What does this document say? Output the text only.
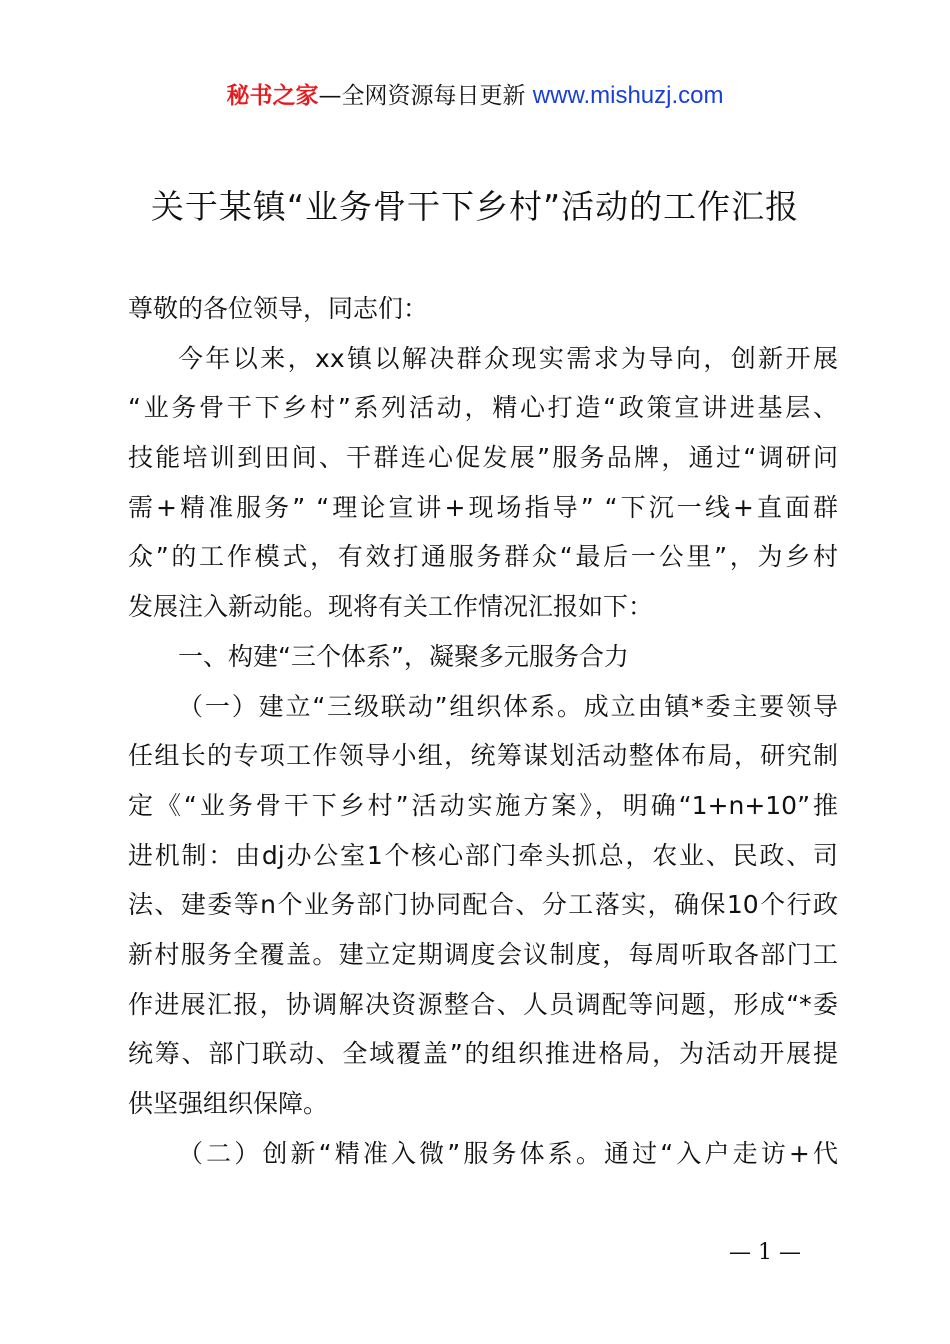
秘书之家—全网资源每日更新 www.mishuzj.com
关于某镇“业务骨干下乡村”活动的工作汇报
尊敬的各位领导，同志们：
今年以来，xx镇以解决群众现实需求为导向，创新开展
“业务骨干下乡村”系列活动，精心打造“政策宣讲进基层、
技能培训到田间、干群连心促发展”服务品牌，通过“调研问
需+精准服务” “理论宣讲+现场指导” “下沉一线+直面群
众”的工作模式，有效打通服务群众“最后一公里”，为乡村
发展注入新动能。现将有关工作情况汇报如下：
一、构建“三个体系”，凝聚多元服务合力
（一）建立“三级联动”组织体系。成立由镇*委主要领导
任组长的专项工作领导小组，统筹谋划活动整体布局，研究制
定《“业务骨干下乡村”活动实施方案》，明确“1+n+10”推
进机制：由dj办公室1个核心部门牵头抓总，农业、民政、司
法、建委等n个业务部门协同配合、分工落实，确保10个行政
新村服务全覆盖。建立定期调度会议制度，每周听取各部门工
作进展汇报，协调解决资源整合、人员调配等问题，形成“*委
统筹、部门联动、全域覆盖”的组织推进格局，为活动开展提
供坚强组织保障。
（二）创新“精准入微”服务体系。通过“入户走访+代
— 1 —
